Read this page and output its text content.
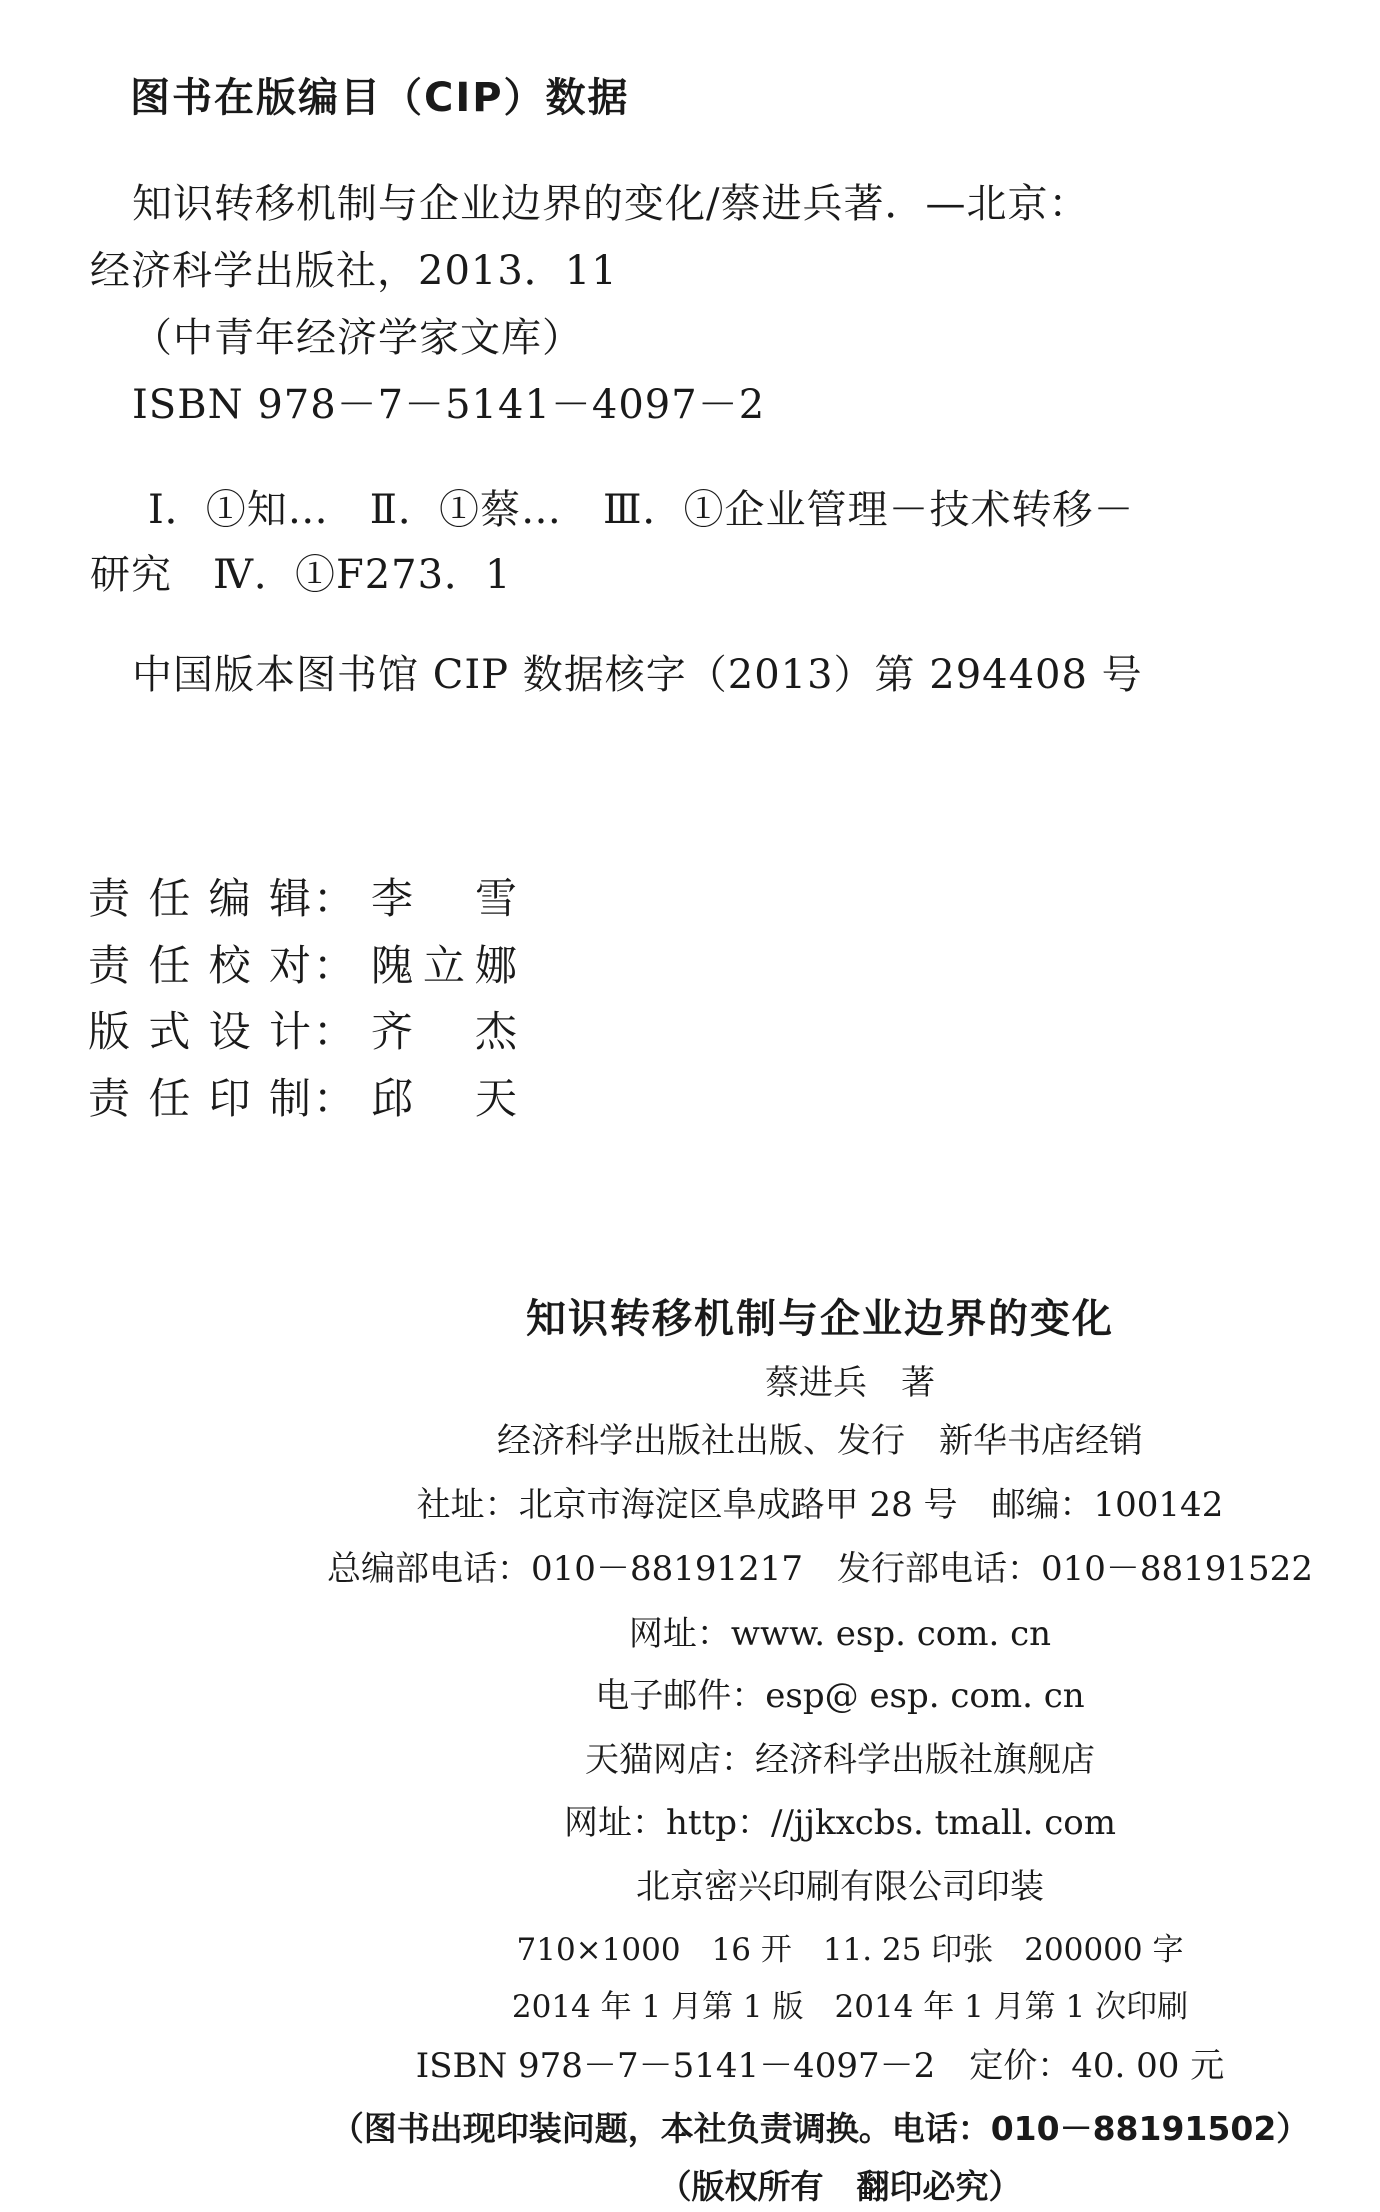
图书在版编目（CIP）数据
知识转移机制与企业边界的变化/蔡进兵著．—北京：
经济科学出版社，2013．11
（中青年经济学家文库）
ISBN 978－7－5141－4097－2
Ⅰ．①知…　Ⅱ．①蔡…　Ⅲ．①企业管理－技术转移－
研究　Ⅳ．①F273．1
中国版本图书馆 CIP 数据核字（2013）第 294408 号
责任编辑： 李　雪
责任校对： 隗立娜
版式设计： 齐　杰
责任印制： 邱　天
知识转移机制与企业边界的变化
蔡进兵　著
经济科学出版社出版、发行　新华书店经销
社址：北京市海淀区阜成路甲 28 号　邮编：100142
总编部电话：010－88191217　发行部电话：010－88191522
网址：www. esp. com. cn
电子邮件：esp@ esp. com. cn
天猫网店：经济科学出版社旗舰店
网址：http：//jjkxcbs. tmall. com
北京密兴印刷有限公司印装
710×1000　16 开　11. 25 印张　200000 字
2014 年 1 月第 1 版　2014 年 1 月第 1 次印刷
ISBN 978－7－5141－4097－2　定价：40. 00 元
（图书出现印装问题，本社负责调换。电话：010－88191502）
（版权所有　翻印必究）
